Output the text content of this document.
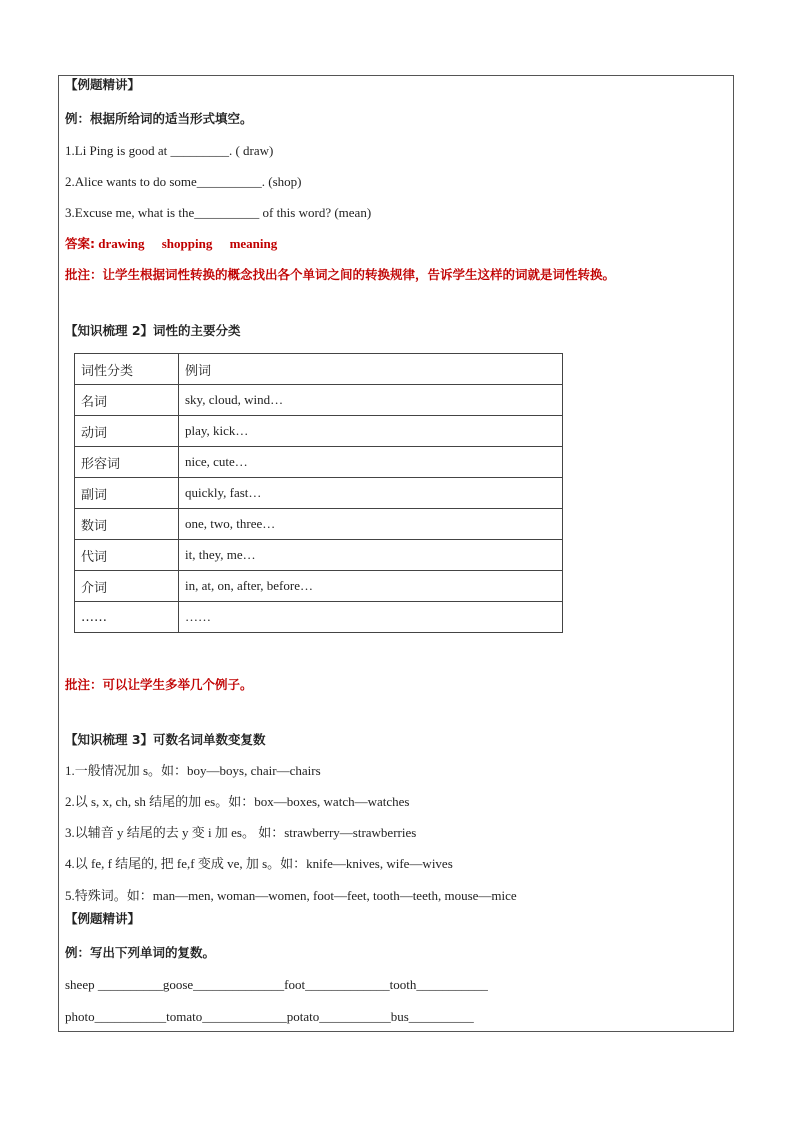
【例题精讲】
例：根据所给词的适当形式填空。
1.Li Ping is good at _________. ( draw)
2.Alice wants to do some__________. (shop)
3.Excuse me, what is the__________ of this word? (mean)
答案: drawing shopping meaning
批注：让学生根据词性转换的概念找出各个单词之间的转换规律，告诉学生这样的词就是词性转换。
【知识梳理 2】词性的主要分类
词性分类	例词
名词	sky, cloud, wind…
动词	play, kick…
形容词	nice, cute…
副词	quickly, fast…
数词	one, two, three…
代词	it, they, me…
介词	in, at, on, after, before…
……	……
批注：可以让学生多举几个例子。
【知识梳理 3】可数名词单数变复数
1.一般情况加 s。如：boy—boys, chair—chairs
2.以 s, x, ch, sh 结尾的加 es。如：box—boxes, watch—watches
3.以辅音 y 结尾的去 y 变 i 加 es。 如：strawberry—strawberries
4.以 fe, f 结尾的, 把 fe,f 变成 ve, 加 s。如：knife—knives, wife—wives
5.特殊词。如：man—men, woman—women, foot—feet, tooth—teeth, mouse—mice
【例题精讲】
例：写出下列单词的复数。
sheep __________goose______________foot_____________tooth___________
photo___________tomato_____________potato___________bus__________
